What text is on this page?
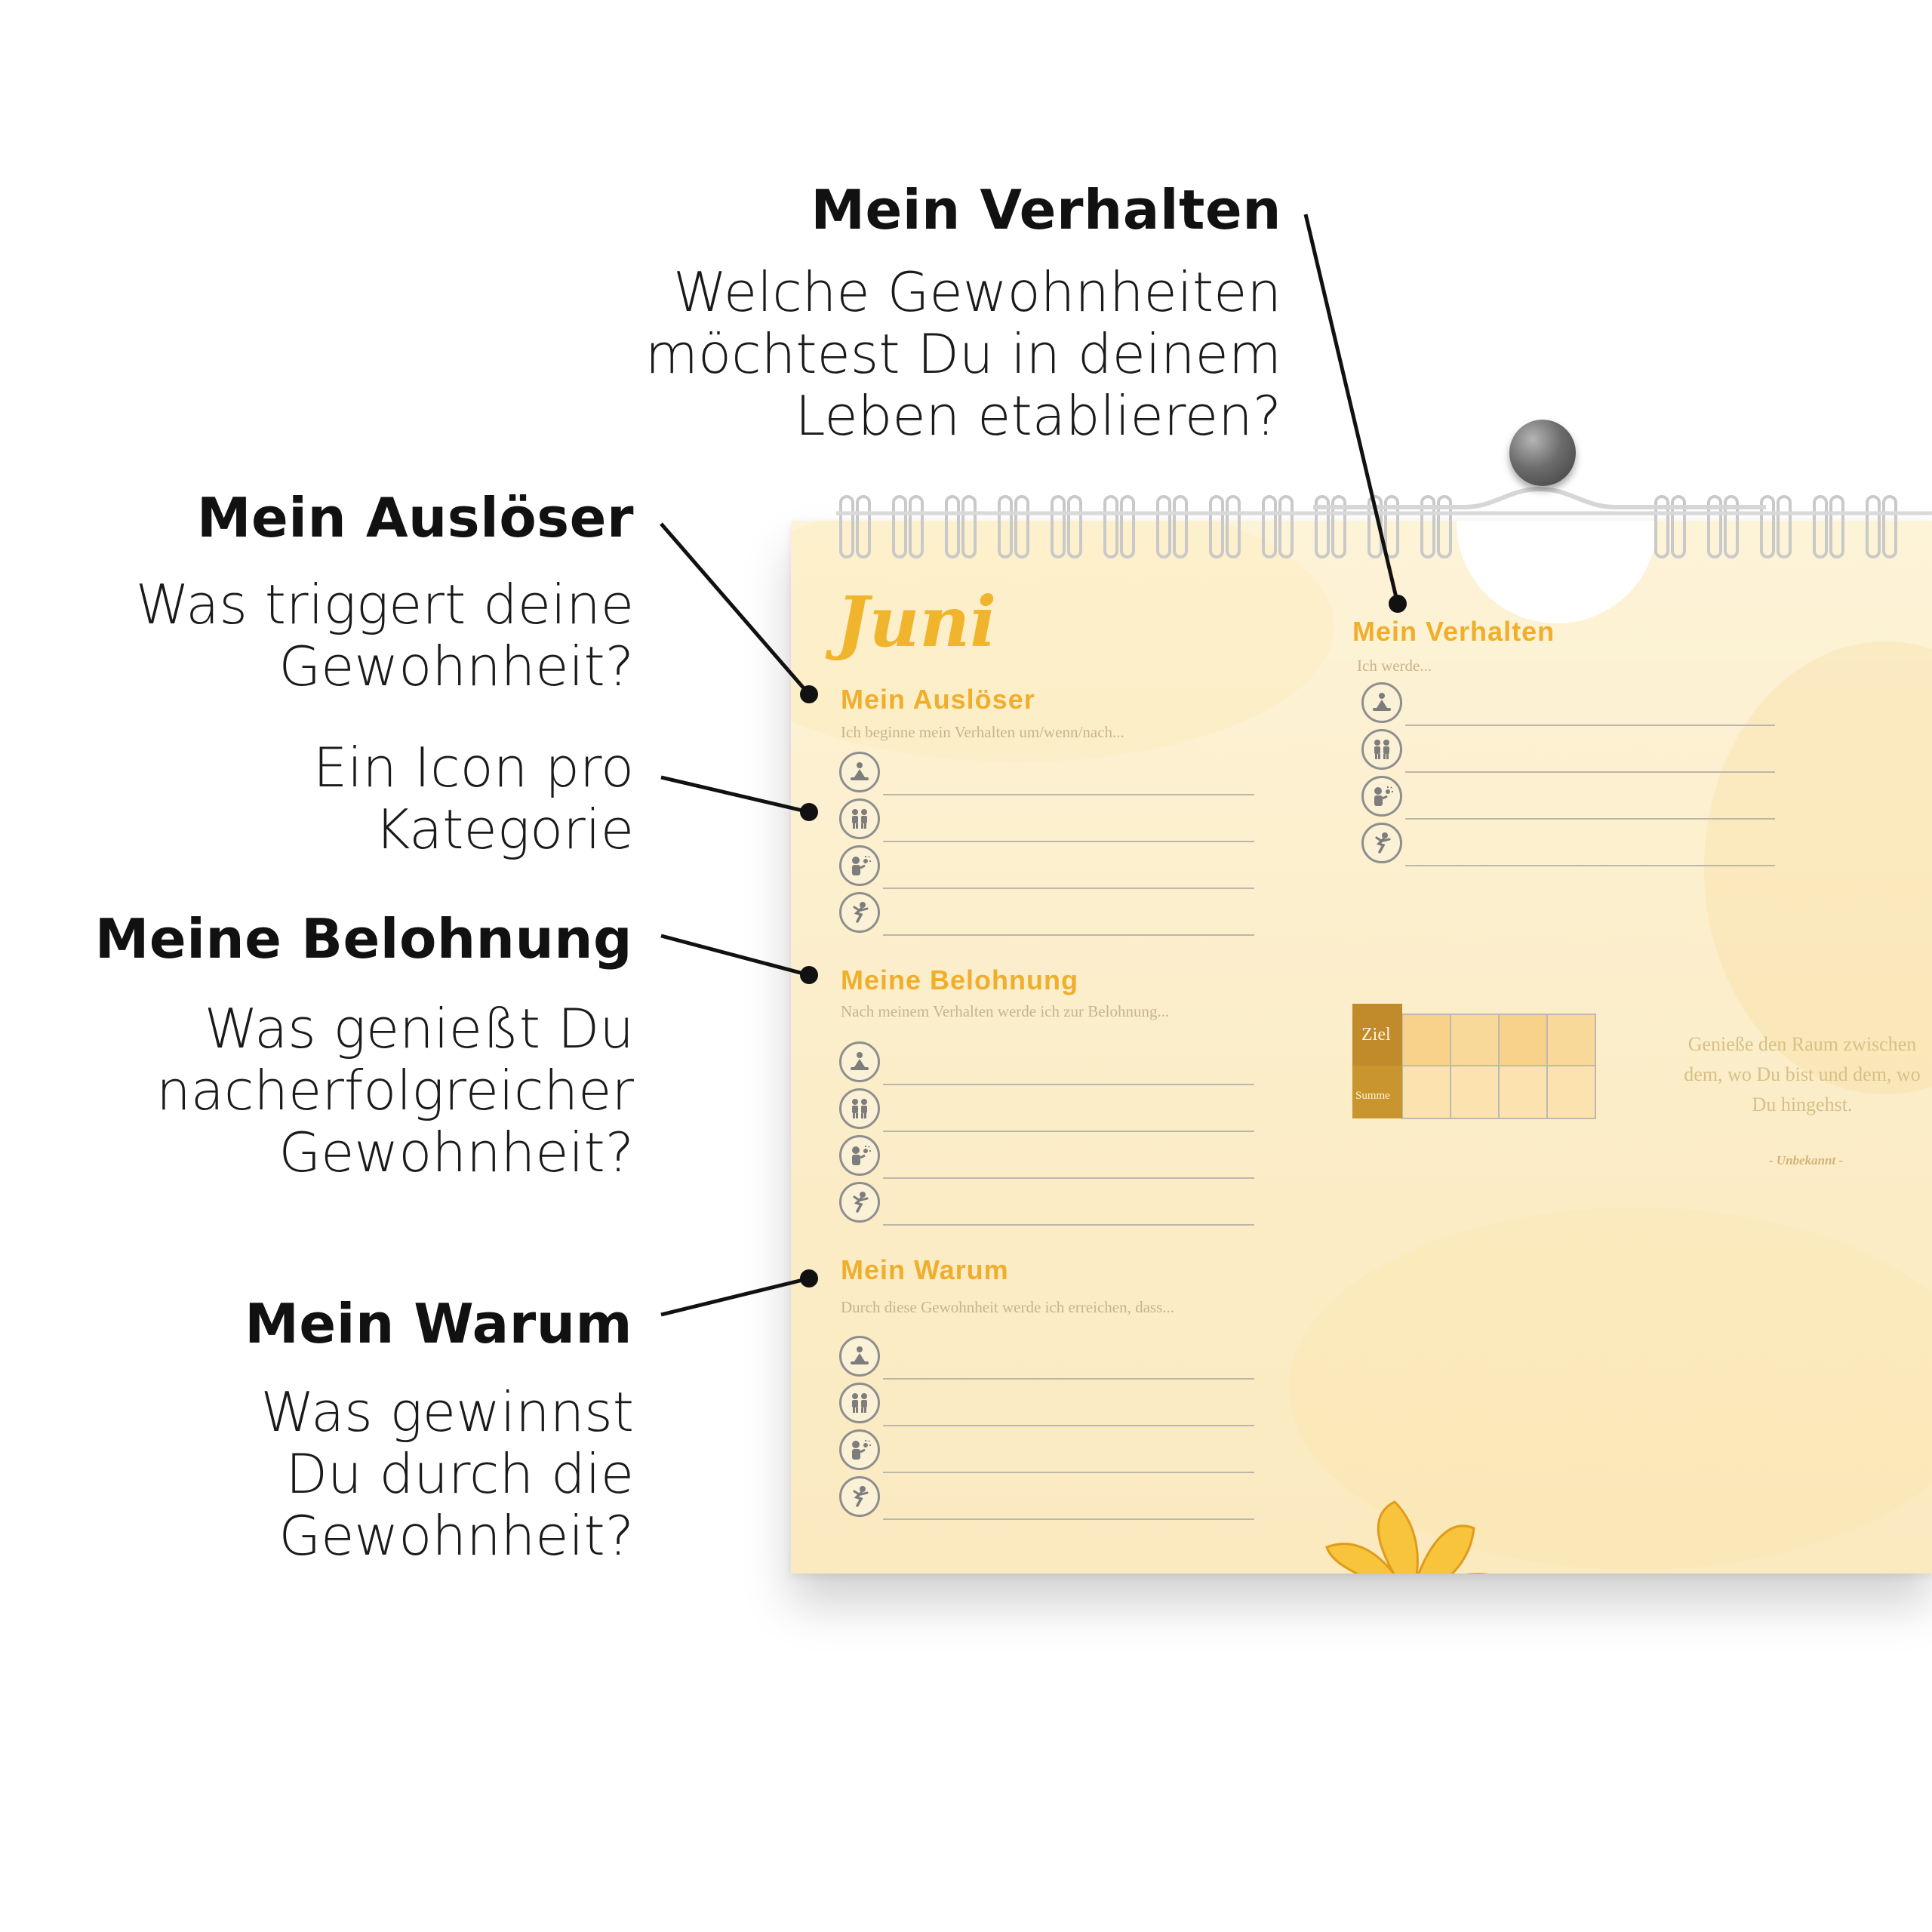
Mein Verhalten
Welche Gewohnheiten
möchtest Du in deinem
Leben etablieren?
Mein Auslöser
Was triggert deine
Gewohnheit?
Ein Icon pro
Kategorie
Meine Belohnung
Was genießt Du
nacherfolgreicher
Gewohnheit?
Mein Warum
Was gewinnst
Du durch die
Gewohnheit?
Juni
Mein Auslöser
Ich beginne mein Verhalten um/wenn/nach...
Meine Belohnung
Nach meinem Verhalten werde ich zur Belohnung...
Mein Warum
Durch diese Gewohnheit werde ich erreichen, dass...
Mein Verhalten
Ich werde...
Ziel
Summe
Genieße den Raum zwischen
dem, wo Du bist und dem, wo
Du hingehst.
- Unbekannt -
